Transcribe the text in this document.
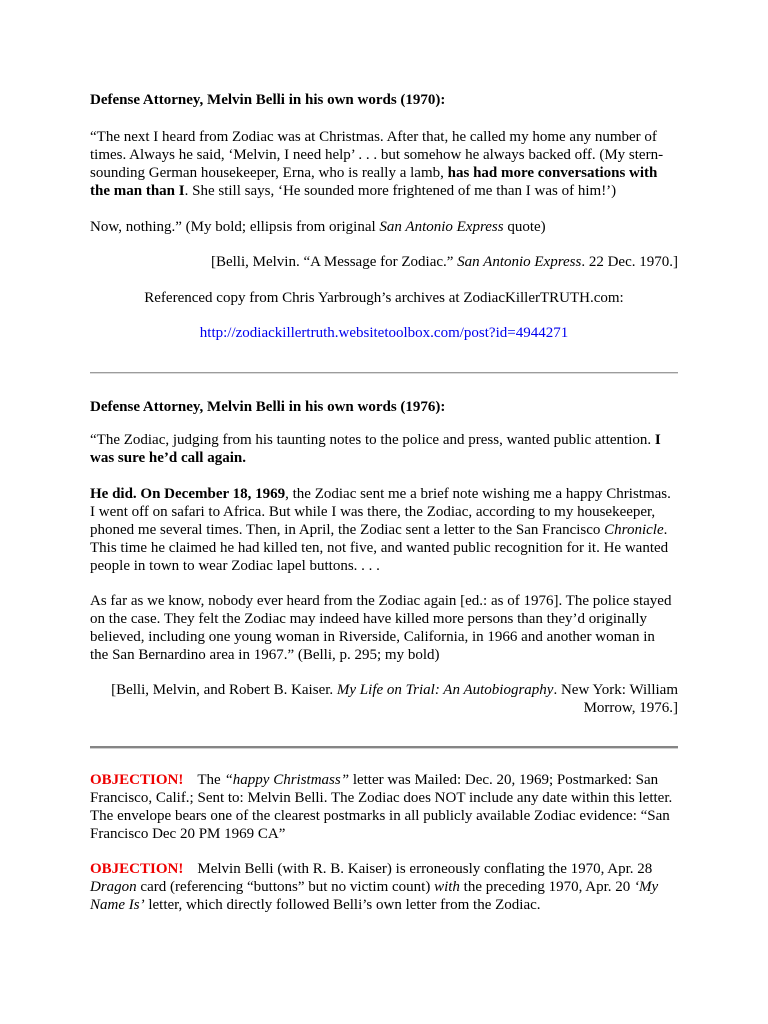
Defense Attorney, Melvin Belli in his own words (1970):
“The next I heard from Zodiac was at Christmas. After that, he called my home any number of
times. Always he said, ‘Melvin, I need help’ . . . but somehow he always backed off. (My stern-
sounding German housekeeper, Erna, who is really a lamb, has had more conversations with
the man than I. She still says, ‘He sounded more frightened of me than I was of him!’)
Now, nothing.” (My bold; ellipsis from original San Antonio Express quote)
[Belli, Melvin. “A Message for Zodiac.” San Antonio Express. 22 Dec. 1970.]
Referenced copy from Chris Yarbrough’s archives at ZodiacKillerTRUTH.com:
http://zodiackillertruth.websitetoolbox.com/post?id=4944271
Defense Attorney, Melvin Belli in his own words (1976):
“The Zodiac, judging from his taunting notes to the police and press, wanted public attention. I
was sure he’d call again.
He did. On December 18, 1969, the Zodiac sent me a brief note wishing me a happy Christmas.
I went off on safari to Africa. But while I was there, the Zodiac, according to my housekeeper,
phoned me several times. Then, in April, the Zodiac sent a letter to the San Francisco Chronicle.
This time he claimed he had killed ten, not five, and wanted public recognition for it. He wanted
people in town to wear Zodiac lapel buttons. . . .
As far as we know, nobody ever heard from the Zodiac again [ed.: as of 1976]. The police stayed
on the case. They felt the Zodiac may indeed have killed more persons than they’d originally
believed, including one young woman in Riverside, California, in 1966 and another woman in
the San Bernardino area in 1967.” (Belli, p. 295; my bold)
[Belli, Melvin, and Robert B. Kaiser. My Life on Trial: An Autobiography. New York: William
Morrow, 1976.]
OBJECTION! The “happy Christmass” letter was Mailed: Dec. 20, 1969; Postmarked: San
Francisco, Calif.; Sent to: Melvin Belli. The Zodiac does NOT include any date within this letter.
The envelope bears one of the clearest postmarks in all publicly available Zodiac evidence: “San
Francisco Dec 20 PM 1969 CA”
OBJECTION! Melvin Belli (with R. B. Kaiser) is erroneously conflating the 1970, Apr. 28
Dragon card (referencing “buttons” but no victim count) with the preceding 1970, Apr. 20 ‘My
Name Is’ letter, which directly followed Belli’s own letter from the Zodiac.
